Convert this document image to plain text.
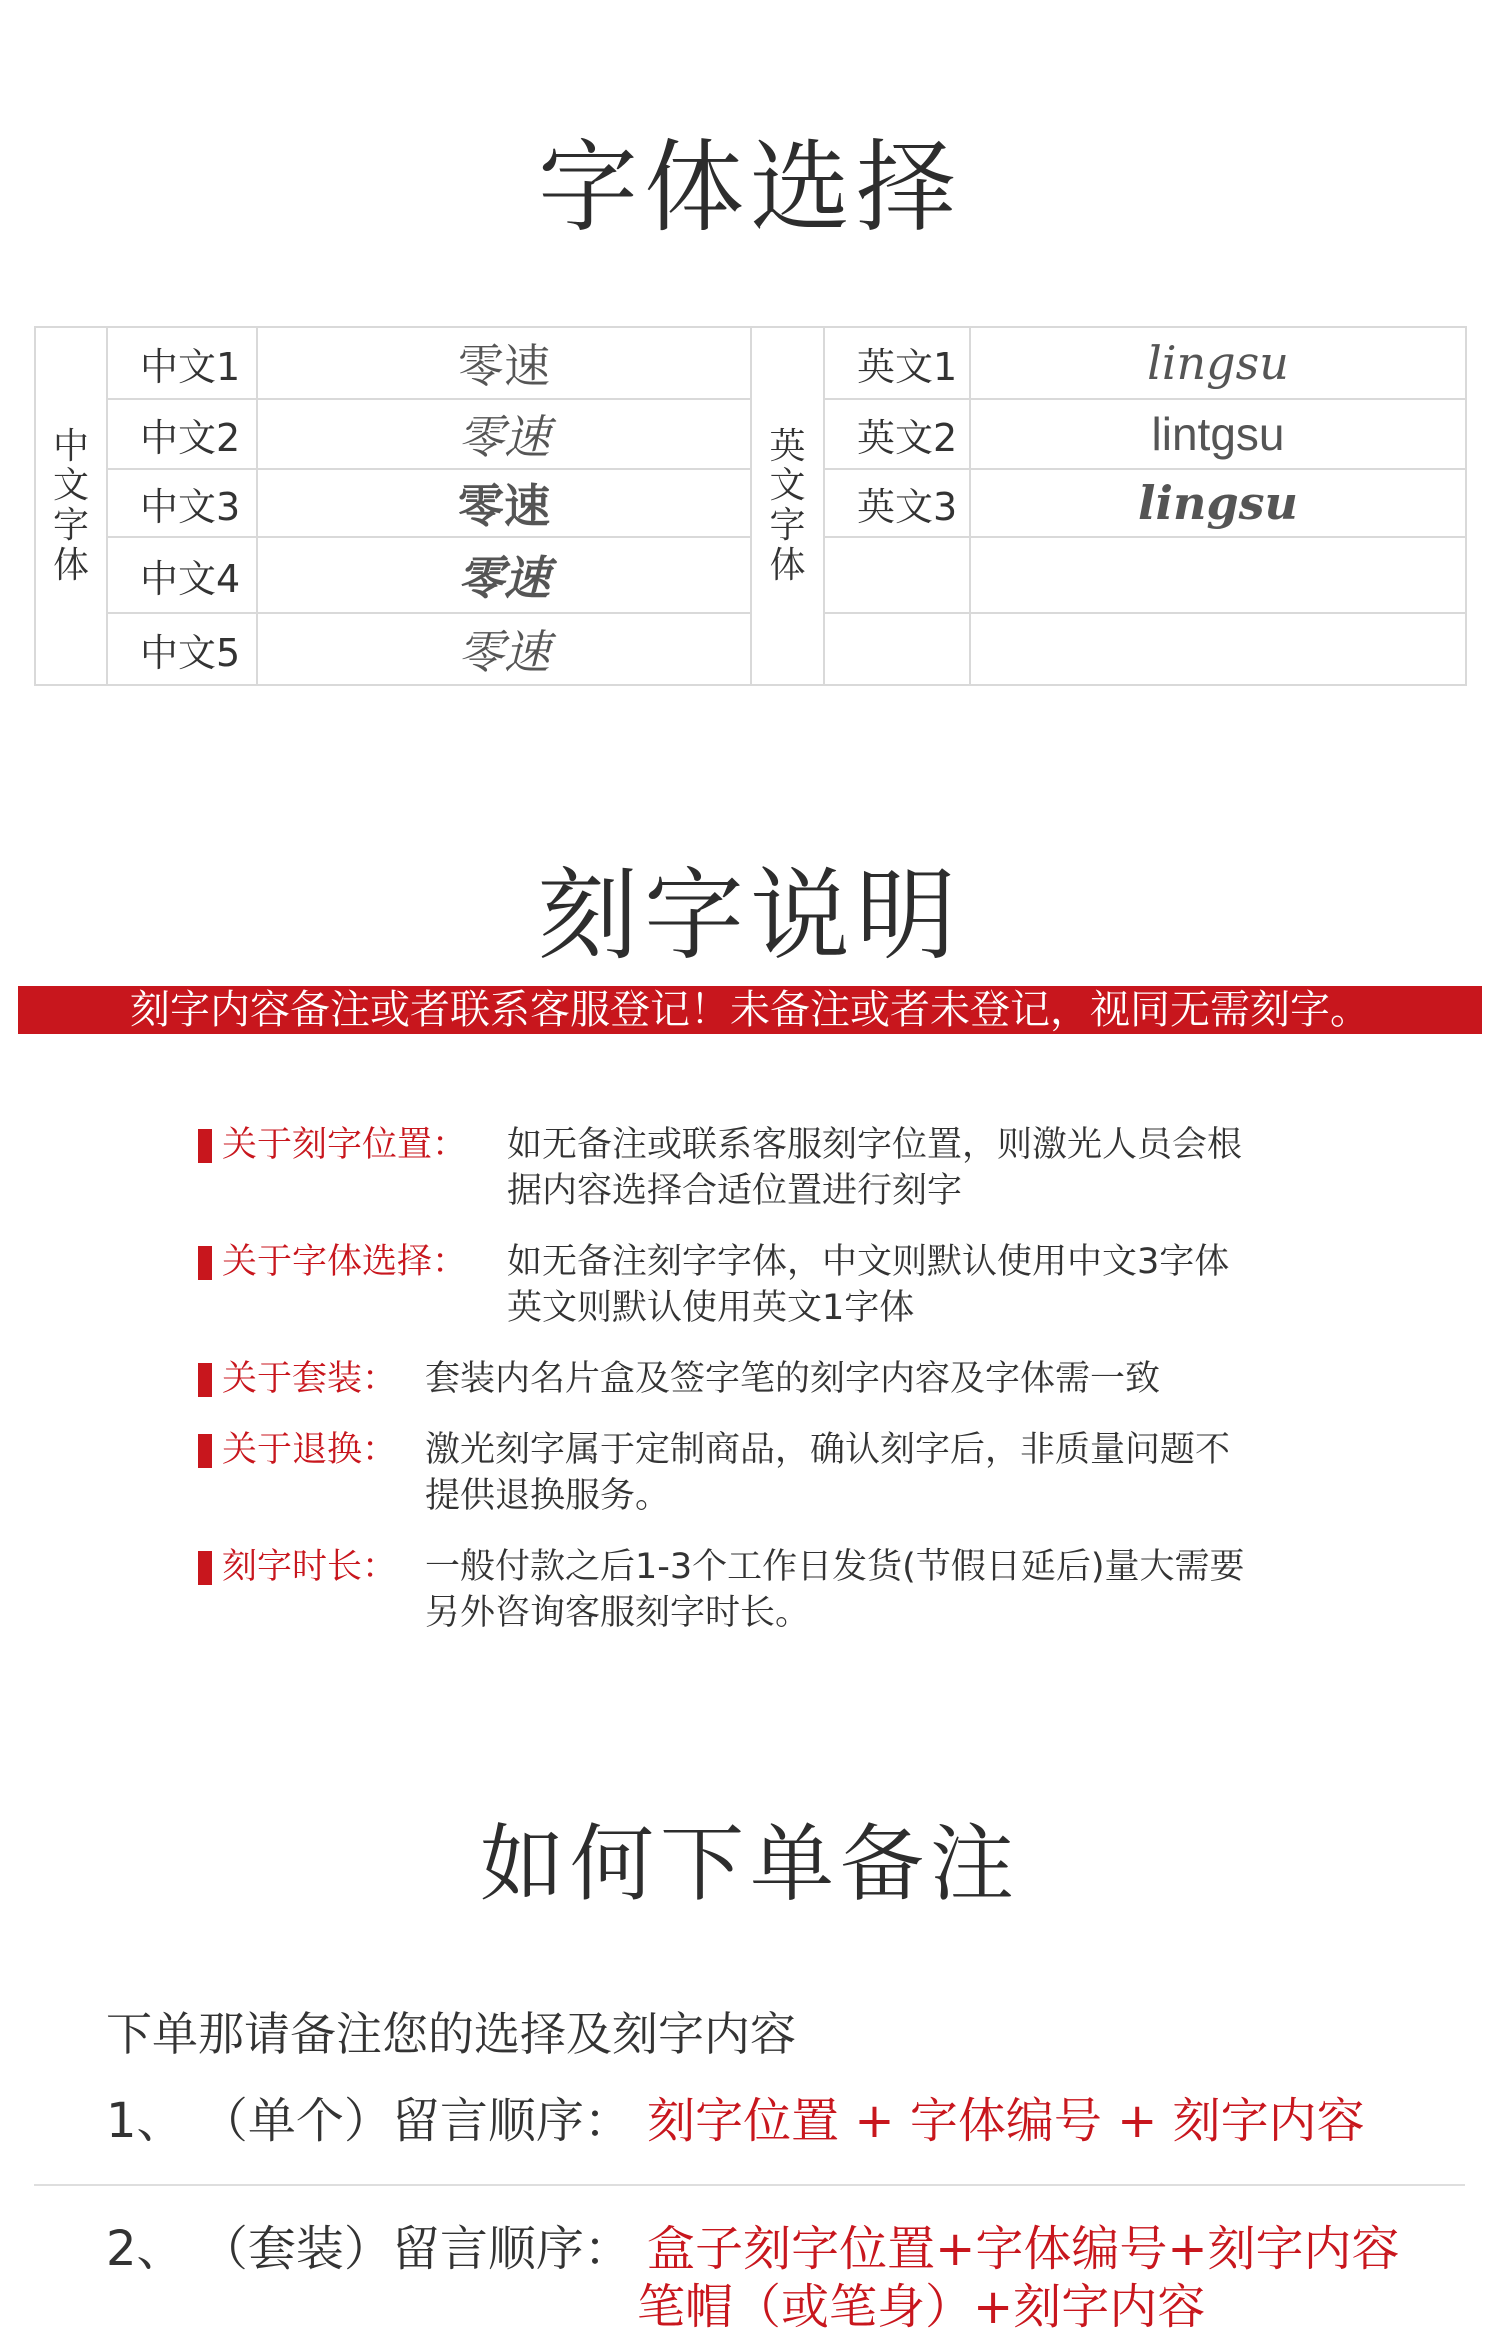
字体选择
中文字体	中文1	零速	英文字体	英文1	lingsu
	中文2	零速		英文2	lintgsu
	中文3	零速		英文3	lingsu
	中文4	零速			
	中文5	零速			
刻字说明
刻字内容备注或者联系客服登记！未备注或者未登记，视同无需刻字。
关于刻字位置： 如无备注或联系客服刻字位置，则激光人员会根
据内容选择合适位置进行刻字
关于字体选择： 如无备注刻字字体，中文则默认使用中文3字体
英文则默认使用英文1字体
关于套装： 套装内名片盒及签字笔的刻字内容及字体需一致
关于退换： 激光刻字属于定制商品，确认刻字后，非质量问题不
提供退换服务。
刻字时长： 一般付款之后1-3个工作日发货(节假日延后)量大需要
另外咨询客服刻字时长。
如何下单备注
下单那请备注您的选择及刻字内容
1、 （单个）留言顺序： 刻字位置 + 字体编号 + 刻字内容
2、 （套装）留言顺序： 盒子刻字位置+字体编号+刻字内容
笔帽（或笔身）+刻字内容
